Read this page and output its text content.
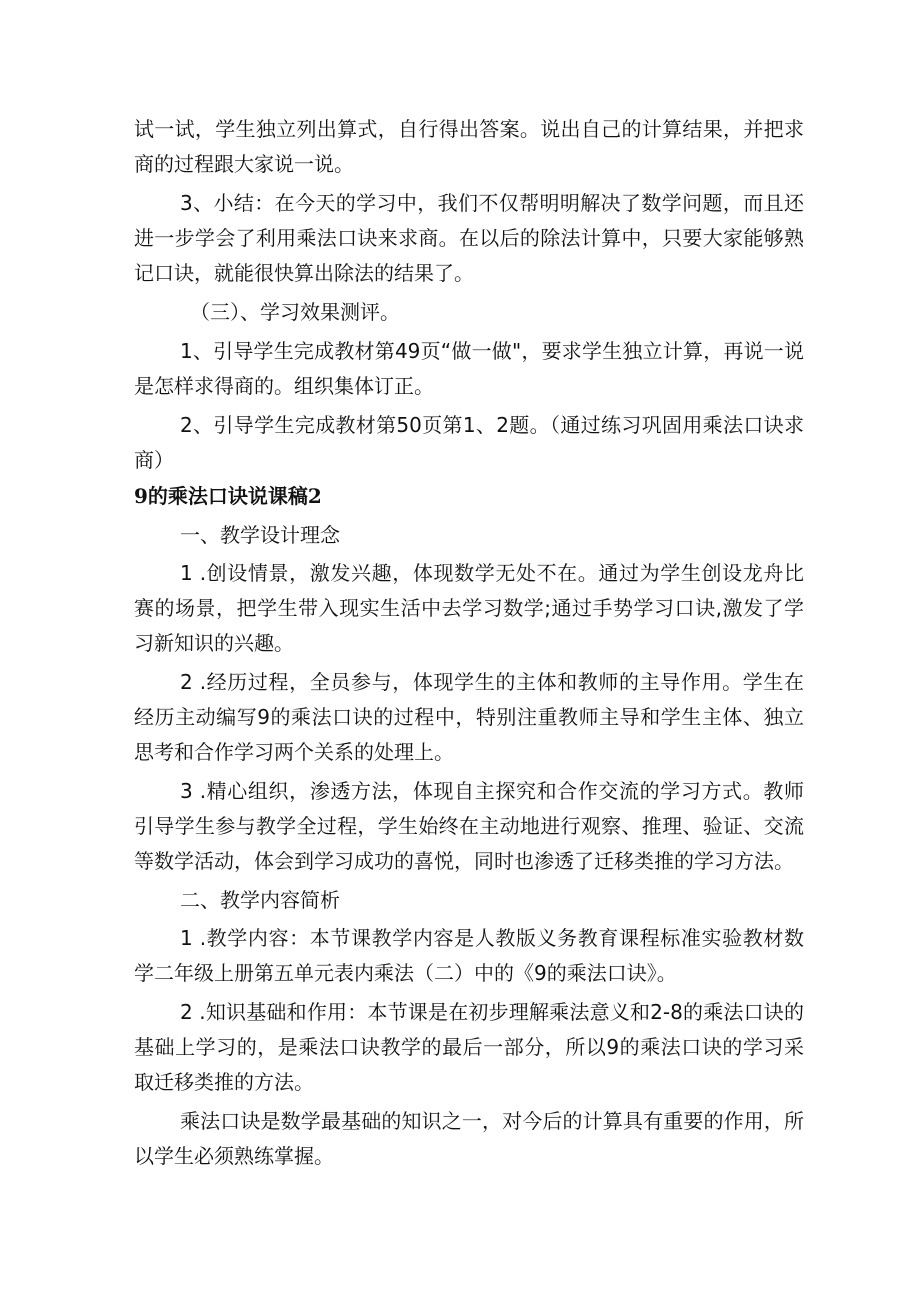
试一试，学生独立列出算式，自行得出答案。说出自己的计算结果，并把求商的过程跟大家说一说。

3、小结：在今天的学习中，我们不仅帮明明解决了数学问题，而且还进一步学会了利用乘法口诀来求商。在以后的除法计算中，只要大家能够熟记口诀，就能很快算出除法的结果了。

（三）、学习效果测评。

1、引导学生完成教材第49页“做一做"，要求学生独立计算，再说一说是怎样求得商的。组织集体订正。

2、引导学生完成教材第50页第1、2题。（通过练习巩固用乘法口诀求商）

9的乘法口诀说课稿2

一、教学设计理念

1 .创设情景，激发兴趣，体现数学无处不在。通过为学生创设龙舟比赛的场景，把学生带入现实生活中去学习数学;通过手势学习口诀,激发了学习新知识的兴趣。

2 .经历过程，全员参与，体现学生的主体和教师的主导作用。学生在经历主动编写9的乘法口诀的过程中，特别注重教师主导和学生主体、独立思考和合作学习两个关系的处理上。

3 .精心组织，渗透方法，体现自主探究和合作交流的学习方式。教师引导学生参与教学全过程，学生始终在主动地进行观察、推理、验证、交流等数学活动，体会到学习成功的喜悦，同时也渗透了迁移类推的学习方法。

二、教学内容简析

1 .教学内容：本节课教学内容是人教版义务教育课程标准实验教材数学二年级上册第五单元表内乘法（二）中的《9的乘法口诀》。

2 .知识基础和作用：本节课是在初步理解乘法意义和2-8的乘法口诀的基础上学习的，是乘法口诀教学的最后一部分，所以9的乘法口诀的学习采取迁移类推的方法。

乘法口诀是数学最基础的知识之一，对今后的计算具有重要的作用，所以学生必须熟练掌握。
